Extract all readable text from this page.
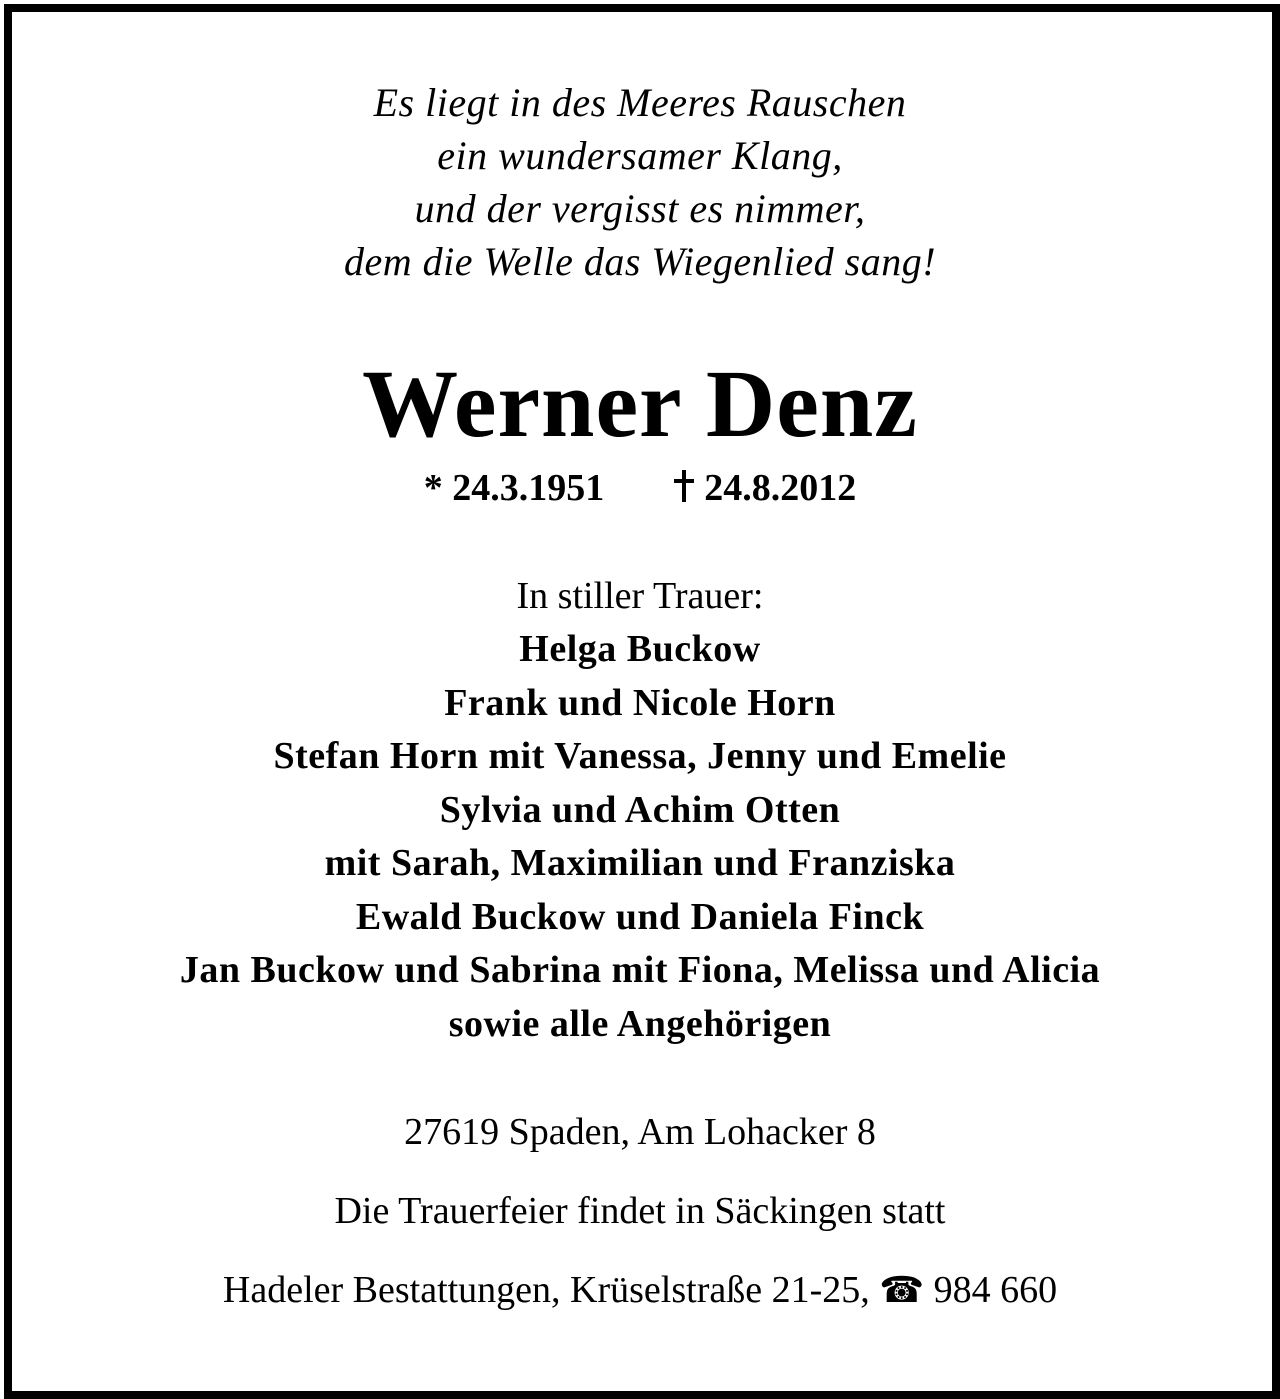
Es liegt in des Meeres Rauschen
ein wundersamer Klang,
und der vergisst es nimmer,
dem die Welle das Wiegenlied sang!
Werner Denz
* 24.3.1951	24.8.2012
In stiller Trauer:
Helga Buckow
Frank und Nicole Horn
Stefan Horn mit Vanessa, Jenny und Emelie
Sylvia und Achim Otten
mit Sarah, Maximilian und Franziska
Ewald Buckow und Daniela Finck
Jan Buckow und Sabrina mit Fiona, Melissa und Alicia
sowie alle Angehörigen
27619 Spaden, Am Lohacker 8
Die Trauerfeier findet in Säckingen statt
Hadeler Bestattungen, Krüselstraße 21-25, ☎ 984 660
